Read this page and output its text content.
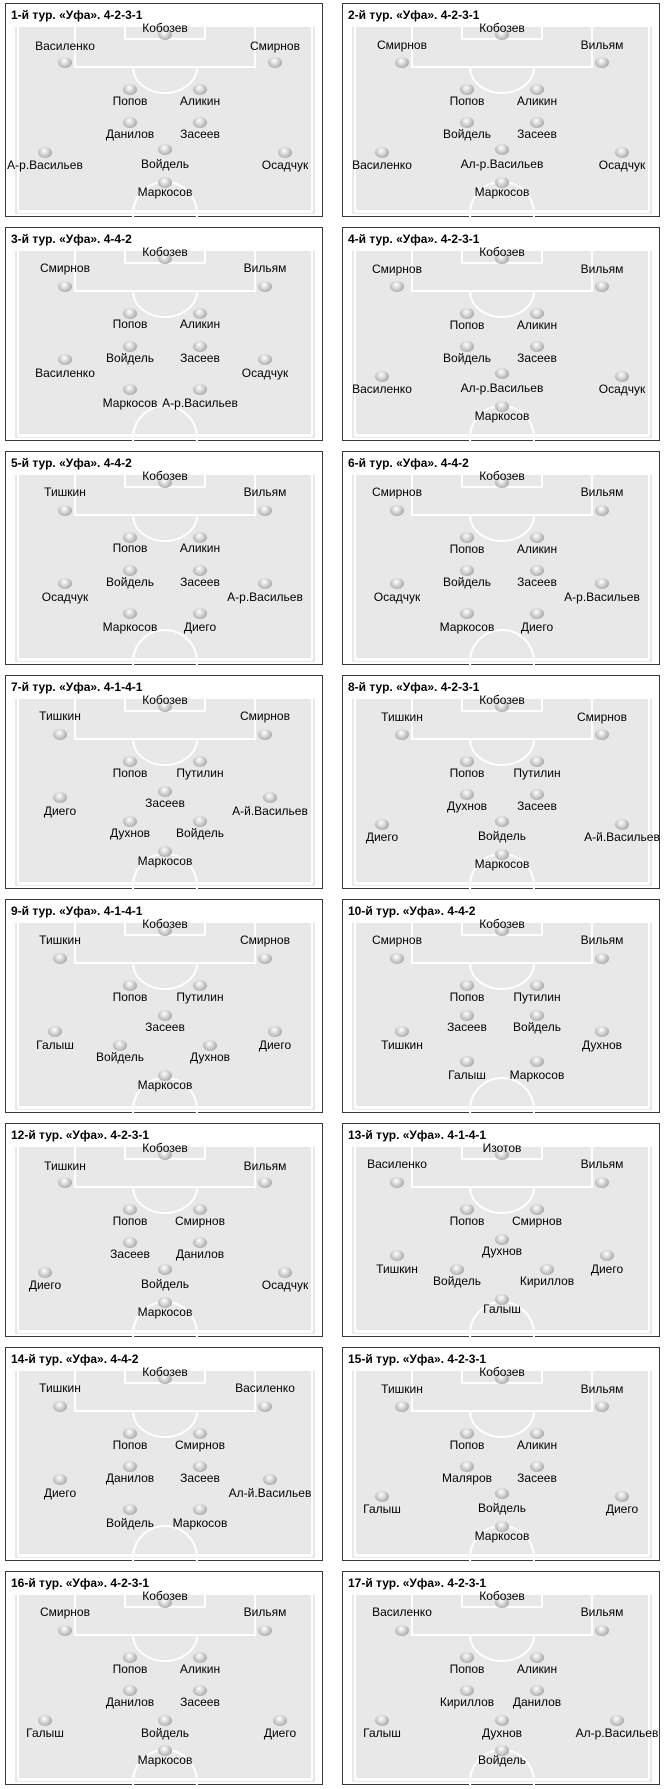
1-й тур. «Уфа». 4-2-3-1
Кобозев
Василенко	Смирнов
Попов	Аликин
Данилов Засеев
А-р.Васильев	Войдель	Осадчук
Маркосов
2-й тур. «Уфа». 4-2-3-1
Кобозев
Смирнов	Вильям
Попов	Аликин
Войдель Засеев
Василенко	Ал-р.Васильев	Осадчук
Маркосов
3-й тур. «Уфа». 4-4-2
Кобозев
Смирнов	Вильям
Попов	Аликин
Войдель Засеев
Василенко	Осадчук
Маркосов А-р.Васильев
4-й тур. «Уфа». 4-2-3-1
Кобозев
Смирнов	Вильям
Попов	Аликин
Войдель Засеев
Василенко	Ал-р.Васильев	Осадчук
Маркосов
5-й тур. «Уфа». 4-4-2
Кобозев
Тишкин	Вильям
Попов	Аликин
Войдель Засеев
Осадчук	А-р.Васильев
Маркосов Диего
6-й тур. «Уфа». 4-4-2
Кобозев
Смирнов	Вильям
Попов	Аликин
Войдель Засеев
Осадчук	А-р.Васильев
Маркосов Диего
7-й тур. «Уфа». 4-1-4-1
Кобозев
Тишкин	Смирнов
Попов Путилин
Засеев
Диего	А-й.Васильев
Духнов Войдель
Маркосов
8-й тур. «Уфа». 4-2-3-1
Кобозев
Тишкин	Смирнов
Попов Путилин
Духнов	Засеев
Диего	Войдель	А-й.Васильев
Маркосов
9-й тур. «Уфа». 4-1-4-1
Кобозев
Тишкин	Смирнов
Попов Путилин
Засеев
Галыш	Диего
Войдель	Духнов
Маркосов
10-й тур. «Уфа». 4-4-2
Кобозев
Смирнов	Вильям
Попов Путилин
Засеев Войдель
Тишкин	Духнов
Галыш Маркосов
12-й тур. «Уфа». 4-2-3-1
Кобозев
Тишкин	Вильям
Попов Смирнов
Засеев Данилов
Диего	Войдель	Осадчук
Маркосов
13-й тур. «Уфа». 4-1-4-1
Изотов
Василенко	Вильям
Попов Смирнов
Тишкин
Духнов
Диего
Войдель	Кириллов
Галыш
14-й тур. «Уфа». 4-4-2
Кобозев
Тишкин	Василенко
Попов Смирнов
Данилов Засеев
Диего	Ал-й.Васильев
Войдель Маркосов
15-й тур. «Уфа». 4-2-3-1
Кобозев
Тишкин	Вильям
Попов	Аликин
Маляров Засеев
Галыш	Войдель	Диего
Маркосов
16-й тур. «Уфа». 4-2-3-1
Кобозев
Смирнов	Вильям
Попов	Аликин
Данилов Засеев
Галыш	Войдель	Диего
Маркосов
17-й тур. «Уфа». 4-2-3-1
Кобозев
Василенко	Вильям
Попов	Аликин
Кириллов Данилов
Галыш	Духнов	Ал-р.Васильев
Войдель
